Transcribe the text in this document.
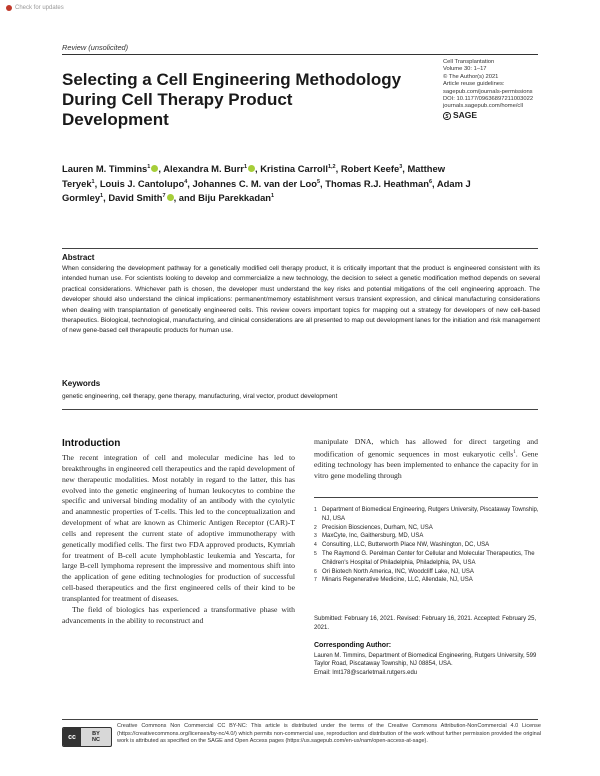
Check for updates
Review (unsolicited)
Selecting a Cell Engineering Methodology During Cell Therapy Product Development
Cell Transplantation
Volume 30: 1–17
© The Author(s) 2021
Article reuse guidelines:
sagepub.com/journals-permissions
DOI: 10.1177/09636897211003022
journals.sagepub.com/home/cll
SAGE
Lauren M. Timmins$^1$ , Alexandra M. Burr$^1$ , Kristina Carroll$^{1,2}$, Robert Keefe$^3$, Matthew Teryek$^1$, Louis J. Cantolupo$^4$, Johannes C. M. van der Loo$^5$, Thomas R.J. Heathman$^6$, Adam J Gormley$^1$, David Smith$^7$ , and Biju Parekkadan$^1$
Abstract
When considering the development pathway for a genetically modified cell therapy product, it is critically important that the product is engineered consistent with its intended human use. For scientists looking to develop and commercialize a new technology, the decision to select a genetic modification method depends on several practical considerations. Whichever path is chosen, the developer must understand the key risks and potential mitigations of the cell engineering approach. The developer should also understand the clinical implications: permanent/memory establishment versus transient expression, and clinical manufacturing considerations when dealing with transplantation of genetically engineered cells. This review covers important topics for mapping out a strategy for developers of new cell-based therapeutics. Biological, technological, manufacturing, and clinical considerations are all presented to map out development lanes for the initiation and risk management of new gene-based cell therapeutic products for human use.
Keywords
genetic engineering, cell therapy, gene therapy, manufacturing, viral vector, product development
Introduction

The recent integration of cell and molecular medicine has led to breakthroughs in engineered cell therapeutics and the rapid development of new therapeutic modalities. Most notably in regard to the latter, this has evolved into the genetic engineering of human leukocytes to combine the specific and universal binding modality of an antibody with the cytolytic and anamnestic properties of T-cells. This led to the conceptualization and development of what are known as Chimeric Antigen Receptor (CAR)-T cells and represent the current state of adoptive immunotherapy with genetically modified cells. The first two FDA approved products, Kymriah for treatment of B-cell acute lymphoblastic leukemia and Yescarta, for large B-cell lymphoma represent the impressive and momentous shift into the application of gene editing technologies for production of successful cell-based therapeutics and the first engineered cells of their kind to be transplanted for treatment of diseases.

The field of biologics has experienced a transformative phase with advancements in the ability to reconstruct and

manipulate DNA, which has allowed for direct targeting and modification of genomic sequences in most eukaryotic cells$^1$. Gene editing technology has been implemented to enhance the capacity for in vitro gene modeling through

1 Department of Biomedical Engineering, Rutgers University, Piscataway Township, NJ, USA
2 Precision Biosciences, Durham, NC, USA
3 MaxCyte, Inc, Gaithersburg, MD, USA
4 Consulting, LLC, Butterworth Place NW, Washington, DC, USA
5 The Raymond G. Perelman Center for Cellular and Molecular Therapeutics, The Children's Hospital of Philadelphia, Philadelphia, PA, USA
6 Ori Biotech North America, INC, Woodcliff Lake, NJ, USA
7 Minaris Regenerative Medicine, LLC, Allendale, NJ, USA
Submitted: February 16, 2021. Revised: February 16, 2021. Accepted: February 25, 2021.
Corresponding Author:
Lauren M. Timmins, Department of Biomedical Engineering, Rutgers University, 599 Taylor Road, Piscataway Township, NJ 08854, USA.
Email: lmt178@scarletmail.rutgers.edu
cc	BY
NC
Creative Commons Non Commercial CC BY-NC: This article is distributed under the terms of the Creative Commons Attribution-NonCommercial 4.0 License (https://creativecommons.org/licenses/by-nc/4.0/) which permits non-commercial use, reproduction and distribution of the work without further permission provided the original work is attributed as specified on the SAGE and Open Access pages (https://us.sagepub.com/en-us/nam/open-access-at-sage).
